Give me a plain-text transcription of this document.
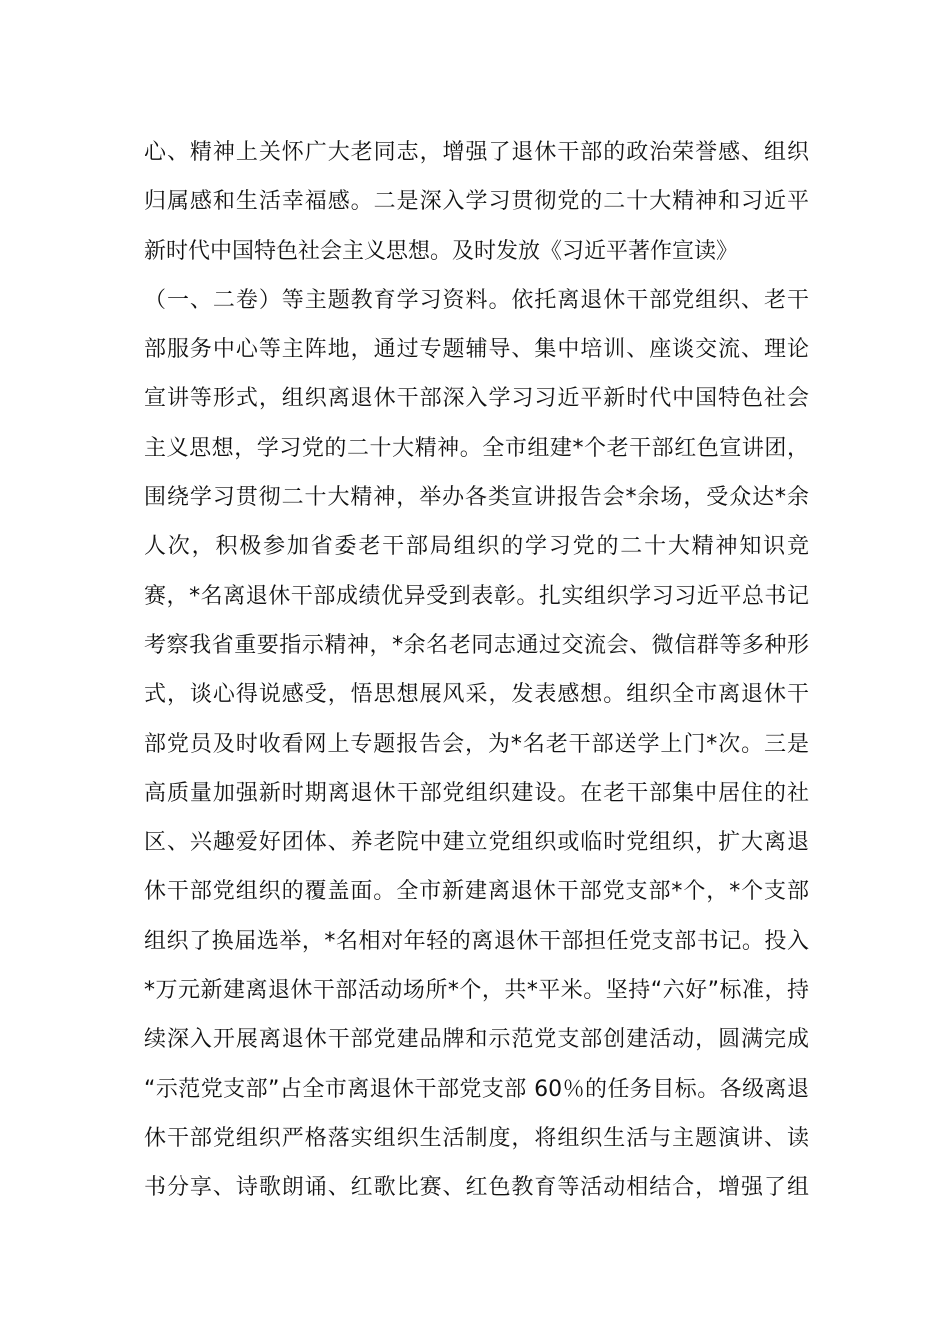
心、精神上关怀广大老同志，增强了退休干部的政治荣誉感、组织
归属感和生活幸福感。二是深入学习贯彻党的二十大精神和习近平
新时代中国特色社会主义思想。及时发放《习近平著作宣读》
（一、二卷）等主题教育学习资料。依托离退休干部党组织、老干
部服务中心等主阵地，通过专题辅导、集中培训、座谈交流、理论
宣讲等形式，组织离退休干部深入学习习近平新时代中国特色社会
主义思想，学习党的二十大精神。全市组建*个老干部红色宣讲团，
围绕学习贯彻二十大精神，举办各类宣讲报告会*余场，受众达*余
人次，积极参加省委老干部局组织的学习党的二十大精神知识竞
赛，*名离退休干部成绩优异受到表彰。扎实组织学习习近平总书记
考察我省重要指示精神，*余名老同志通过交流会、微信群等多种形
式，谈心得说感受，悟思想展风采，发表感想。组织全市离退休干
部党员及时收看网上专题报告会，为*名老干部送学上门*次。三是
高质量加强新时期离退休干部党组织建设。在老干部集中居住的社
区、兴趣爱好团体、养老院中建立党组织或临时党组织，扩大离退
休干部党组织的覆盖面。全市新建离退休干部党支部*个，*个支部
组织了换届选举，*名相对年轻的离退休干部担任党支部书记。投入
*万元新建离退休干部活动场所*个，共*平米。坚持“六好”标准，持
续深入开展离退休干部党建品牌和示范党支部创建活动，圆满完成
“示范党支部”占全市离退休干部党支部 60％的任务目标。各级离退
休干部党组织严格落实组织生活制度，将组织生活与主题演讲、读
书分享、诗歌朗诵、红歌比赛、红色教育等活动相结合，增强了组
